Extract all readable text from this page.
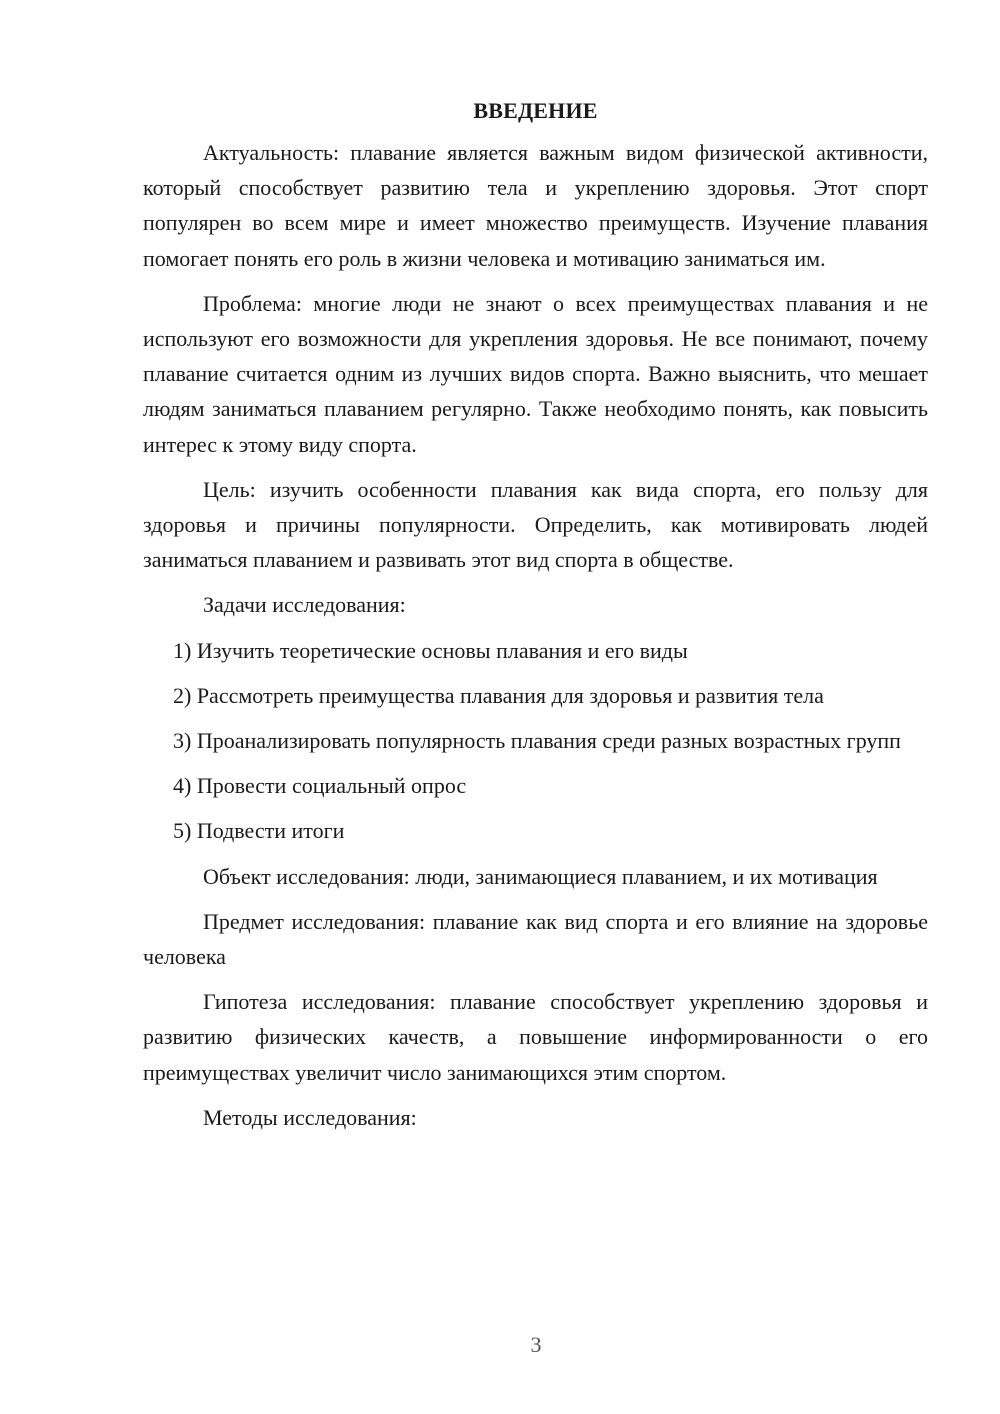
ВВЕДЕНИЕ

Актуальность: плавание является важным видом физической активности, который способствует развитию тела и укреплению здоровья. Этот спорт популярен во всем мире и имеет множество преимуществ. Изучение плавания помогает понять его роль в жизни человека и мотивацию заниматься им.

Проблема: многие люди не знают о всех преимуществах плавания и не используют его возможности для укрепления здоровья. Не все понимают, почему плавание считается одним из лучших видов спорта. Важно выяснить, что мешает людям заниматься плаванием регулярно. Также необходимо понять, как повысить интерес к этому виду спорта.

Цель: изучить особенности плавания как вида спорта, его пользу для здоровья и причины популярности. Определить, как мотивировать людей заниматься плаванием и развивать этот вид спорта в обществе.

Задачи исследования:

1) Изучить теоретические основы плавания и его виды

2) Рассмотреть преимущества плавания для здоровья и развития тела

3) Проанализировать популярность плавания среди разных возрастных групп

4) Провести социальный опрос

5) Подвести итоги

Объект исследования: люди, занимающиеся плаванием, и их мотивация

Предмет исследования: плавание как вид спорта и его влияние на здоровье человека

Гипотеза исследования: плавание способствует укреплению здоровья и развитию физических качеств, а повышение информированности о его преимуществах увеличит число занимающихся этим спортом.

Методы исследования:

3
